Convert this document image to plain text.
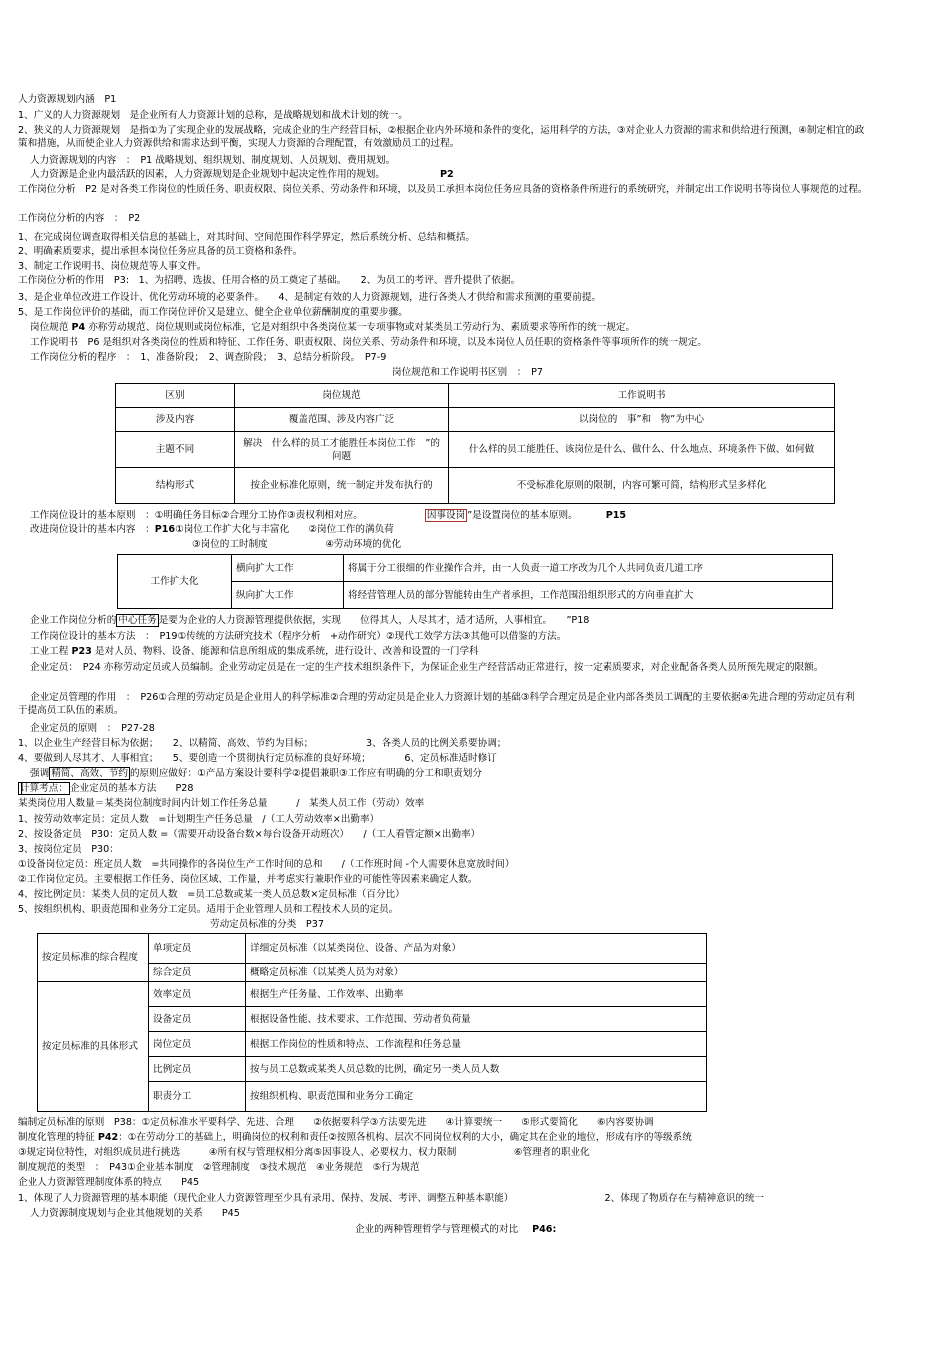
人力资源规划内涵　P1
1、广义的人力资源规划　是企业所有人力资源计划的总称，是战略规划和战术计划的统一。
2、狭义的人力资源规划　是指①为了实现企业的发展战略，完成企业的生产经营目标，②根据企业内外环境和条件的变化，运用科学的方法，③对企业人力资源的需求和供给进行预测，④制定相宜的政策和措施，从而使企业人力资源供给和需求达到平衡，实现人力资源的合理配置，有效激励员工的过程。
人力资源规划的内容　：　P1 战略规划、组织规划、制度规划、人员规划、费用规划。
人力资源是企业内最活跃的因素，人力资源规划是企业规划中起决定性作用的规划。	P2
工作岗位分析　P2 是对各类工作岗位的性质任务、职责权限、岗位关系、劳动条件和环境，以及员工承担本岗位任务应具备的资格条件所进行的系统研究，并制定出工作说明书等岗位人事规范的过程。
工作岗位分析的内容　：　P2
1、在完成岗位调查取得相关信息的基础上，对其时间、空间范围作科学界定，然后系统分析、总结和概括。
2、明确素质要求，提出承担本岗位任务应具备的员工资格和条件。
3、制定工作说明书、岗位规范等人事文件。
工作岗位分析的作用　P3:　1、为招聘、选拔、任用合格的员工奠定了基础。　　2、为员工的考评、晋升提供了依据。
3、是企业单位改进工作设计、优化劳动环境的必要条件。　　4、是制定有效的人力资源规划，进行各类人才供给和需求预测的重要前提。
5、是工作岗位评价的基础，而工作岗位评价又是建立、健全企业单位薪酬制度的重要步骤。
岗位规范 P4 亦称劳动规范、岗位规则或岗位标准，它是对组织中各类岗位某一专项事物或对某类员工劳动行为、素质要求等所作的统一规定。
工作说明书　P6 是组织对各类岗位的性质和特征、工作任务、职责权限、岗位关系、劳动条件和环境，以及本岗位人员任职的资格条件等事项所作的统一规定。
工作岗位分析的程序　：　1、准备阶段；　2、调查阶段；　3、总结分析阶段。　P7-9
岗位规范和工作说明书区别　：　P7
区别	岗位规范	工作说明书
涉及内容	覆盖范围、涉及内容广泛	以岗位的　事”和　物”为中心
主题不同	解决　什么样的员工才能胜任本岗位工作　”的问题	什么样的员工能胜任、该岗位是什么、做什么、什么地点、环境条件下做、如何做
结构形式	按企业标准化原则，统一制定并发布执行的	不受标准化原则的限制，内容可繁可简，结构形式呈多样化
工作岗位设计的基本原则　：①明确任务目标②合理分工协作③责权利相对应。	因事设岗 ”是设置岗位的基本原则。	P15
改进岗位设计的基本内容　：P16①岗位工作扩大化与丰富化　　②岗位工作的满负荷
③岗位的工时制度　　　　　　④劳动环境的优化
工作扩大化	横向扩大工作	将属于分工很细的作业操作合并，由一人负责一道工序改为几个人共同负责几道工序
	纵向扩大工作	将经营管理人员的部分智能转由生产者承担，工作范围沿组织形式的方向垂直扩大
企业工作岗位分析的 中心任务 是要为企业的人力资源管理提供依据，实现　　位得其人，人尽其才，适才适所，人事相宜。　　”P18
工作岗位设计的基本方法　：　P19①传统的方法研究技术（程序分析　+动作研究）②现代工效学方法③其他可以借鉴的方法。
工业工程 P23 是对人员、物料、设备、能源和信息所组成的集成系统，进行设计、改善和设置的一门学科
企业定员：　P24 亦称劳动定员或人员编制。企业劳动定员是在一定的生产技术组织条件下，为保证企业生产经营活动正常进行，按一定素质要求，对企业配备各类人员所预先规定的限额。
企业定员管理的作用　：　P26①合理的劳动定员是企业用人的科学标准②合理的劳动定员是企业人力资源计划的基础③科学合理定员是企业内部各类员工调配的主要依据④先进合理的劳动定员有利于提高员工队伍的素质。
企业定员的原则　：　P27-28
1、以企业生产经营目标为依据；　　2、以精简、高效、节约为目标；　　　　　　3、各类人员的比例关系要协调；
4、要做到人尽其才、人事相宜；　　5、要创造一个贯彻执行定员标准的良好环境；　　　　6、定员标准适时修订
强调 精简、高效、节约 的原则应做好：①产品方案设计要科学②提倡兼职③工作应有明确的分工和职责划分
计算考点： 企业定员的基本方法　　P28
某类岗位用人数量＝某类岗位制度时间内计划工作任务总量　　　/　某类人员工作（劳动）效率
1、按劳动效率定员：定员人数　=计划期生产任务总量　/（工人劳动效率×出勤率）
2、按设备定员　P30：定员人数 =（需要开动设备台数×每台设备开动班次）　　/（工人看管定额×出勤率）
3、按岗位定员　P30：
①设备岗位定员：班定员人数　=共同操作的各岗位生产工作时间的总和　　/（工作班时间 -个人需要休息宽放时间）
②工作岗位定员。主要根据工作任务、岗位区域、工作量，并考虑实行兼职作业的可能性等因素来确定人数。
4、按比例定员：某类人员的定员人数　=员工总数或某一类人员总数×定员标准（百分比）
5、按组织机构、职责范围和业务分工定员。适用于企业管理人员和工程技术人员的定员。
劳动定员标准的分类　P37
按定员标准的综合程度	单项定员	详细定员标准（以某类岗位、设备、产品为对象）
	综合定员	概略定员标准（以某类人员为对象）
按定员标准的具体形式	效率定员	根据生产任务量、工作效率、出勤率
	设备定员	根据设备性能、技术要求、工作范围、劳动者负荷量
	岗位定员	根据工作岗位的性质和特点、工作流程和任务总量
	比例定员	按与员工总数或某类人员总数的比例，确定另一类人员人数
	职责分工	按组织机构、职责范围和业务分工确定
编制定员标准的原则　P38：①定员标准水平要科学、先进、合理　　②依据要科学③方法要先进　　④计算要统一　　⑤形式要简化　　⑥内容要协调
制度化管理的特征 P42：①在劳动分工的基础上，明确岗位的权利和责任②按照各机构、层次不同岗位权利的大小，确定其在企业的地位，形成有序的等级系统
③规定岗位特性，对组织成员进行挑选　　　④所有权与管理权相分离⑤因事设人、必要权力、权力限制　　　　　　⑥管理者的职业化
制度规范的类型　：　P43①企业基本制度　②管理制度　③技术规范　④业务规范　⑤行为规范
企业人力资源管理制度体系的特点　　P45
1、体现了人力资源管理的基本职能（现代企业人力资源管理至少具有录用、保持、发展、考评、调整五种基本职能）　　　　　　　　　　2、体现了物质存在与精神意识的统一
人力资源制度规划与企业其他规划的关系　　P45
企业的两种管理哲学与管理模式的对比 P46:
